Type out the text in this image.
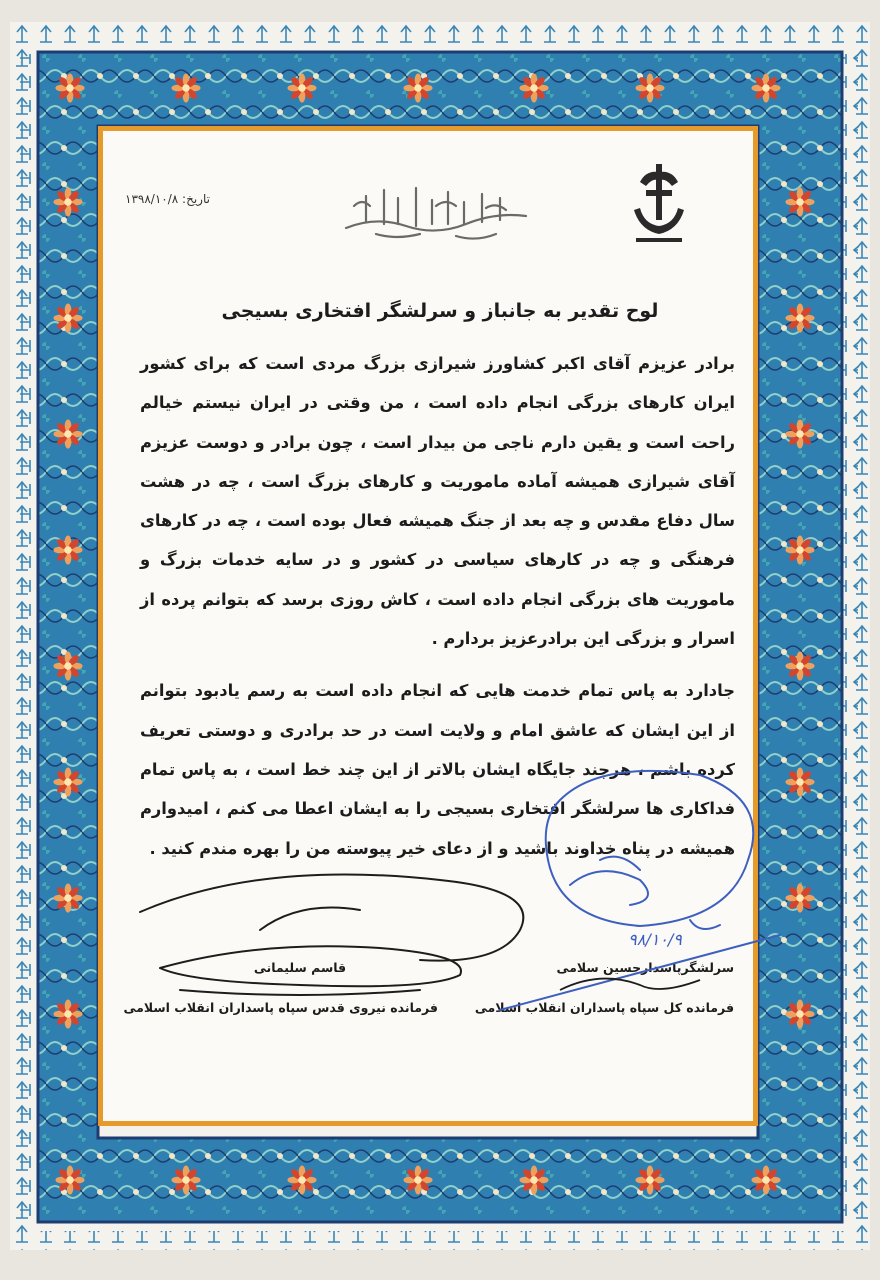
تاریخ: ۱۳۹۸/۱۰/۸
لوح تقدیر به جانباز و سرلشگر افتخاری بسیجی

برادر عزیزم آقای اکبر کشاورز شیرازی بزرگ مردی است که برای کشور ایران کارهای بزرگی انجام داده است ، من وقتی در ایران نیستم خیالم راحت است و یقین دارم ناجی من بیدار است ، چون برادر و دوست عزیزم آقای شیرازی همیشه آماده ماموریت و کارهای بزرگ است ، چه در هشت سال دفاع مقدس و چه بعد از جنگ همیشه فعال بوده است ، چه در کارهای فرهنگی و چه در کارهای سیاسی در کشور و در سایه خدمات بزرگ و ماموریت های بزرگی انجام داده است ، کاش روزی برسد که بتوانم پرده از اسرار و بزرگی این برادرعزیز بردارم .

جادارد به پاس تمام خدمت هایی که انجام داده است به رسم یادبود بتوانم از این ایشان که عاشق امام و ولایت است در حد برادری و دوستی تعریف کرده باشم ، هرچند جایگاه ایشان بالاتر از این چند خط است ، به پاس تمام فداکاری ها سرلشگر افتخاری بسیجی را به ایشان اعطا می کنم ، امیدوارم همیشه در پناه خداوند باشید و از دعای خیر پیوسته من را بهره مندم کنید .

سرلشگرپاسدارحسین سلامی
فرمانده کل سپاه پاسداران انقلاب اسلامی
قاسم سلیمانی
فرمانده نیروی قدس سپاه پاسداران انقلاب اسلامی
۹۸/۱۰/۹
